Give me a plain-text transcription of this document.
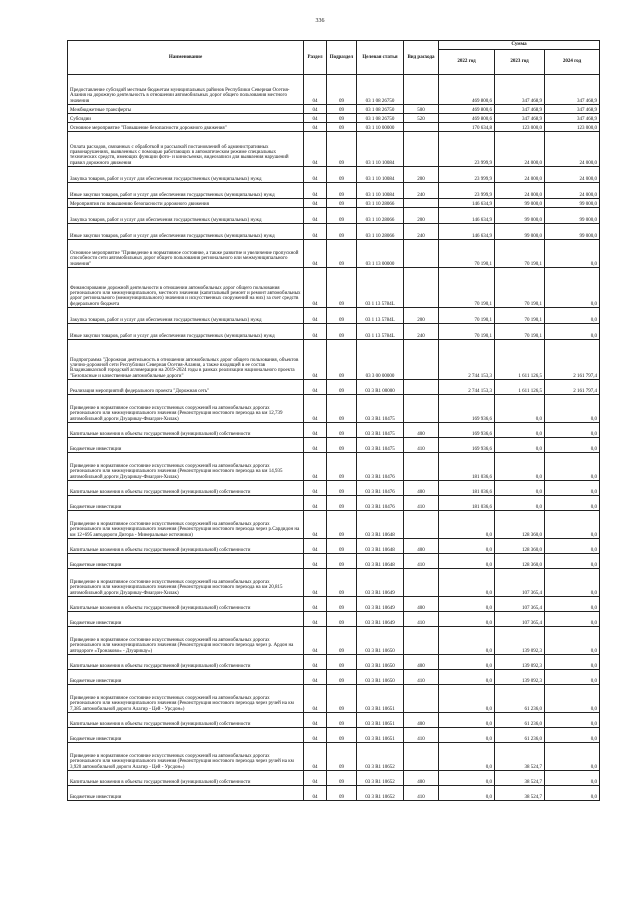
336
Наименование	Раздел	Подраздел	Целевая статья	Вид расхода	Сумма		
					2022 год	2023 год	2024 год
Предоставление субсидий местным бюджетам муниципальных районов Республики Северная Осетия-Алания на дорожную деятельность в отношении автомобильных дорог общего пользования местного значения	04	09	03 1 08 26750		469 800,6	347 468,9	347 468,9
Межбюджетные трансферты	04	09	03 1 08 26750	500	469 800,6	347 468,9	347 468,9
Субсидии	04	09	03 1 08 26750	520	469 800,6	347 468,9	347 468,9
Основное мероприятие "Повышение безопасности дорожного движения"	04	09	03 1 10 00000		170 634,8	123 000,0	123 000,0
Оплата расходов, связанных с обработкой и рассылкой постановлений об административных правонарушениях, выявленных с помощью работающих в автоматическом режиме специальных технических средств, имеющих функции фото- и киносъемки, видеозаписи для выявления нарушений правил дорожного движения	04	09	03 1 10 10084		23 999,9	24 000,0	24 000,0
Закупка товаров, работ и услуг для обеспечения государственных (муниципальных) нужд	04	09	03 1 10 10084	200	23 999,9	24 000,0	24 000,0
Иные закупки товаров, работ и услуг для обеспечения государственных (муниципальных) нужд	04	09	03 1 10 10084	240	23 999,9	24 000,0	24 000,0
Мероприятия по повышению безопасности дорожного движения	04	09	03 1 10 28066		146 634,9	99 000,0	99 000,0
Закупка товаров, работ и услуг для обеспечения государственных (муниципальных) нужд	04	09	03 1 10 28066	200	146 634,9	99 000,0	99 000,0
Иные закупки товаров, работ и услуг для обеспечения государственных (муниципальных) нужд	04	09	03 1 10 28066	240	146 634,9	99 000,0	99 000,0
Основное мероприятие "Приведение в нормативное состояние, а также развитие и увеличение пропускной способности сети автомобильных дорог общего пользования регионального или межмуниципального значения"	04	09	03 1 13 00000		70 190,1	70 190,1	0,0
Финансирование дорожной деятельности в отношении автомобильных дорог общего пользования регионального или межмуниципального, местного значения (капитальный ремонт и ремонт автомобильных дорог регионального (межмуниципального) значения и искусственных сооружений на них) за счет средств федерального бюджета	04	09	03 1 13 5784L		70 190,1	70 190,1	0,0
Закупка товаров, работ и услуг для обеспечения государственных (муниципальных) нужд	04	09	03 1 13 5784L	200	70 190,1	70 190,1	0,0
Иные закупки товаров, работ и услуг для обеспечения государственных (муниципальных) нужд	04	09	03 1 13 5784L	240	70 190,1	70 190,1	0,0
Подпрограмма "Дорожная деятельность в отношении автомобильных дорог общего пользования, объектов улично-дорожной сети Республики Северная Осетия-Алания, а также входящей в ее состав Владикавказской городской агломерации на 2019-2024 годы в рамках реализации национального проекта "Безопасные и качественные автомобильные дороги"	04	09	03 3 00 00000		2 744 153,3	1 611 126,5	2 161 797,4
Реализация мероприятий федерального проекта "Дорожная сеть"	04	09	03 3 R1 00000		2 744 153,3	1 611 126,5	2 161 797,4
Приведение в нормативное состояние искусственных сооружений на автомобильных дорогах регионального или межмуниципального значения (Реконструкция мостового перехода на км 12,739 автомобильной дороги Дзуарикау-Фиагдон-Хилак)	04	09	03 3 R1 10475		169 936,6	0,0	0,0
Капитальные вложения в объекты государственной (муниципальной) собственности	04	09	03 3 R1 10475	400	169 936,6	0,0	0,0
Бюджетные инвестиции	04	09	03 3 R1 10475	410	169 936,6	0,0	0,0
Приведение в нормативное состояние искусственных сооружений на автомобильных дорогах регионального или межмуниципального значения (Реконструкция мостового перехода на км 14,935 автомобильной дороги Дзуарикау-Фиагдон-Хилак)	04	09	03 3 R1 10476		181 036,6	0,0	0,0
Капитальные вложения в объекты государственной (муниципальной) собственности	04	09	03 3 R1 10476	400	181 036,6	0,0	0,0
Бюджетные инвестиции	04	09	03 3 R1 10476	410	181 036,6	0,0	0,0
Приведение в нормативное состояние искусственных сооружений на автомобильных дорогах регионального или межмуниципального значения (Реконструкция мостового перехода через р.Сардидон на км 12+695 автодороги Дигора - Минеральные источники)	04	09	03 3 R1 10648		0,0	128 360,0	0,0
Капитальные вложения в объекты государственной (муниципальной) собственности	04	09	03 3 R1 10648	400	0,0	128 360,0	0,0
Бюджетные инвестиции	04	09	03 3 R1 10648	410	0,0	128 360,0	0,0
Приведение в нормативное состояние искусственных сооружений на автомобильных дорогах регионального или межмуниципального значения (Реконструкция мостового перехода на км 20,815 автомобильной дороги Дзуарикау-Фиагдон-Хилак)	04	09	03 3 R1 10649		0,0	107 365,4	0,0
Капитальные вложения в объекты государственной (муниципальной) собственности	04	09	03 3 R1 10649	400	0,0	107 365,4	0,0
Бюджетные инвестиции	04	09	03 3 R1 10649	410	0,0	107 365,4	0,0
Приведение в нормативное состояние искусственных сооружений на автомобильных дорогах регионального или межмуниципального значения (Реконструкция мостового перехода через р. Ардон на автодороге «Тронаково» - Дзуарикау»)	04	09	03 3 R1 10650		0,0	139 092,3	0,0
Капитальные вложения в объекты государственной (муниципальной) собственности	04	09	03 3 R1 10650	400	0,0	139 092,3	0,0
Бюджетные инвестиции	04	09	03 3 R1 10650	410	0,0	139 092,3	0,0
Приведение в нормативное состояние искусственных сооружений на автомобильных дорогах регионального или межмуниципального значения (Реконструкция мостового перехода через ручей на км 7,385 автомобильной дороги Алагир - Цей - Урсдон»)	04	09	03 3 R1 10651		0,0	61 236,0	0,0
Капитальные вложения в объекты государственной (муниципальной) собственности	04	09	03 3 R1 10651	400	0,0	61 236,0	0,0
Бюджетные инвестиции	04	09	03 3 R1 10651	410	0,0	61 236,0	0,0
Приведение в нормативное состояние искусственных сооружений на автомобильных дорогах регионального или межмуниципального значения (Реконструкция мостового перехода через ручей на км 3,920 автомобильной дороги Алагир - Цей - Урсдон»)	04	09	03 3 R1 10652		0,0	38 524,7	0,0
Капитальные вложения в объекты государственной (муниципальной) собственности	04	09	03 3 R1 10652	400	0,0	38 524,7	0,0
Бюджетные инвестиции	04	09	03 3 R1 10652	410	0,0	38 524,7	0,0
